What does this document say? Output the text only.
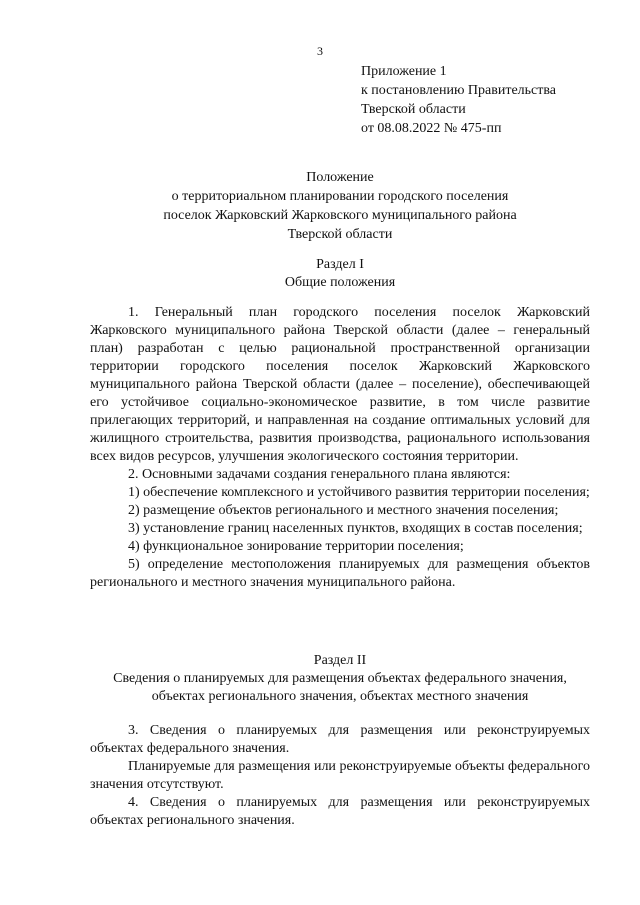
3
Приложение 1
к постановлению Правительства
Тверской области
от 08.08.2022 № 475-пп
Положение
о территориальном планировании городского поселения
поселок Жарковский Жарковского муниципального района
Тверской области
Раздел I
Общие положения

1. Генеральный план городского поселения поселок Жарковский Жарковского муниципального района Тверской области (далее – генеральный план) разработан с целью рациональной пространственной организации территории городского поселения поселок Жарковский Жарковского муниципального района Тверской области (далее – поселение), обеспечивающей его устойчивое социально-экономическое развитие, в том числе развитие прилегающих территорий, и направленная на создание оптимальных условий для жилищного строительства, развития производства, рационального использования всех видов ресурсов, улучшения экологического состояния территории.

2. Основными задачами создания генерального плана являются:

1) обеспечение комплексного и устойчивого развития территории поселения;

2) размещение объектов регионального и местного значения поселения;

3) установление границ населенных пунктов, входящих в состав поселения;

4) функциональное зонирование территории поселения;

5) определение местоположения планируемых для размещения объектов регионального и местного значения муниципального района.

Раздел II
Сведения о планируемых для размещения объектах федерального значения,
объектах регионального значения, объектах местного значения

3. Сведения о планируемых для размещения или реконструируемых объектах федерального значения.

Планируемые для размещения или реконструируемые объекты федерального значения отсутствуют.

4. Сведения о планируемых для размещения или реконструируемых объектах регионального значения.
